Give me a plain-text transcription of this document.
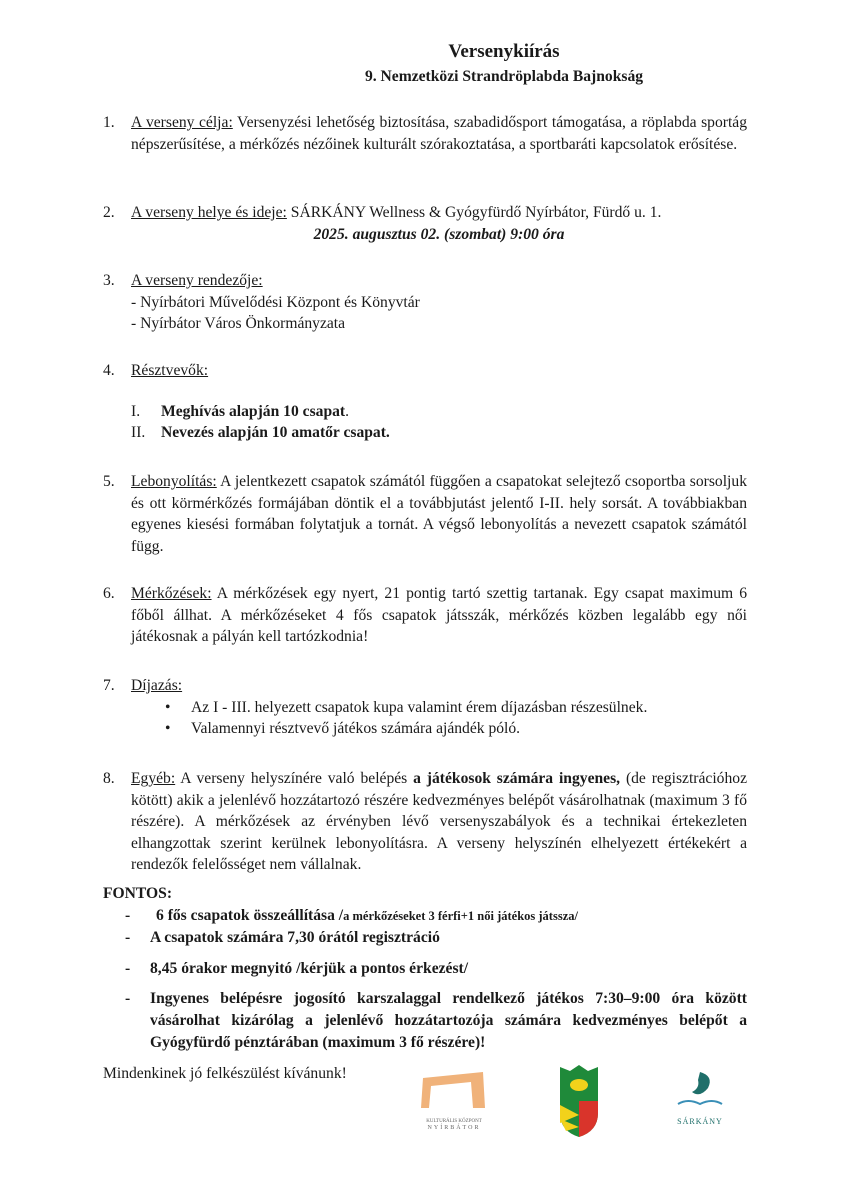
Versenykiírás
9. Nemzetközi Strandröplabda Bajnokság
1. A verseny célja: Versenyzési lehetőség biztosítása, szabadidősport támogatása, a röplabda sportág népszerűsítése, a mérkőzés nézőinek kulturált szórakoztatása, a sportbaráti kapcsolatok erősítése.
2. A verseny helye és ideje: SÁRKÁNY Wellness & Gyógyfürdő Nyírbátor, Fürdő u. 1.
2025. augusztus 02. (szombat) 9:00 óra
3. A verseny rendezője:
- Nyírbátori Művelődési Központ és Könyvtár
- Nyírbátor Város Önkormányzata
4. Résztvevők:
I. Meghívás alapján 10 csapat.
II. Nevezés alapján 10 amatőr csapat.
5. Lebonyolítás: A jelentkezett csapatok számától függően a csapatokat selejtező csoportba sorsoljuk és ott körmérkőzés formájában döntik el a továbbjutást jelentő I-II. hely sorsát. A továbbiakban egyenes kiesési formában folytatjuk a tornát. A végső lebonyolítás a nevezett csapatok számától függ.
6. Mérkőzések: A mérkőzések egy nyert, 21 pontig tartó szettig tartanak. Egy csapat maximum 6 főből állhat. A mérkőzéseket 4 fős csapatok játsszák, mérkőzés közben legalább egy női játékosnak a pályán kell tartózkodnia!
7. Díjazás:
• Az I - III. helyezett csapatok kupa valamint érem díjazásban részesülnek.
• Valamennyi résztvevő játékos számára ajándék póló.
8. Egyéb: A verseny helyszínére való belépés a játékosok számára ingyenes, (de regisztrációhoz kötött) akik a jelenlévő hozzátartozó részére kedvezményes belépőt vásárolhatnak (maximum 3 fő részére). A mérkőzések az érvényben lévő versenyszabályok és a technikai értekezleten elhangzottak szerint kerülnek lebonyolításra. A verseny helyszínén elhelyezett értékekért a rendezők felelősséget nem vállalnak.
FONTOS:
- 6 fős csapatok összeállítása /a mérkőzéseket 3 férfi+1 női játékos játssza/
- A csapatok számára 7,30 órától regisztráció
- 8,45 órakor megnyitó /kérjük a pontos érkezést/
- Ingyenes belépésre jogosító karszalaggal rendelkező játékos 7:30–9:00 óra között vásárolhat kizárólag a jelenlévő hozzátartozója számára kedvezményes belépőt a Gyógyfürdő pénztárában (maximum 3 fő részére)!
Mindenkinek jó felkészülést kívánunk!
KULTURÁLIS KÖZPONT
NYÍRBÁTOR
SÁRKÁNY
